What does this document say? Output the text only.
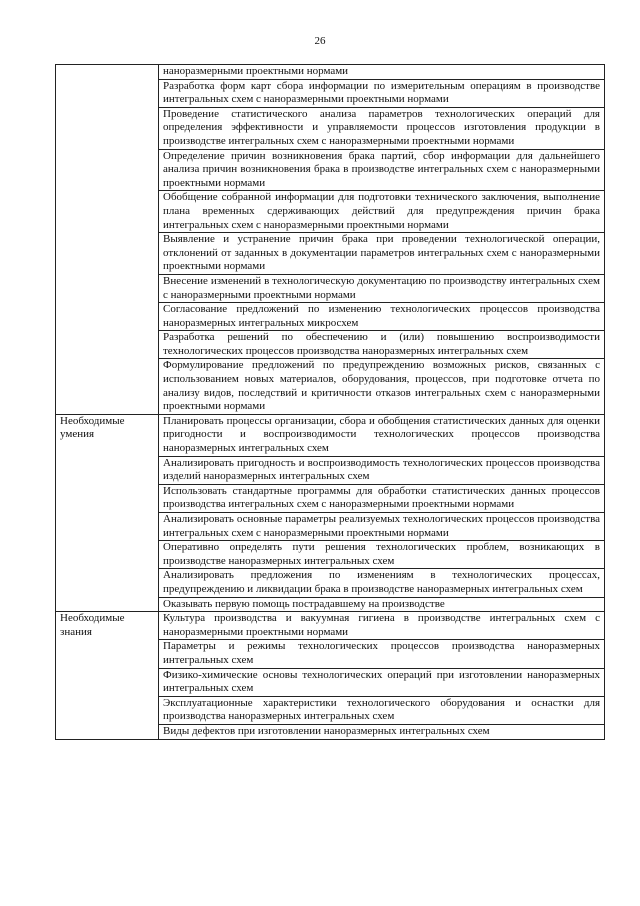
26

	наноразмерными проектными нормами

	Разработка форм карт сбора информации по измерительным операциям в производстве интегральных схем с наноразмерными проектными нормами

	Проведение статистического анализа параметров технологических операций для определения эффективности и управляемости процессов изготовления продукции в производстве интегральных схем с наноразмерными проектными нормами

	Определение причин возникновения брака партий, сбор информации для дальнейшего анализа причин возникновения брака в производстве интегральных схем с наноразмерными проектными нормами

	Обобщение собранной информации для подготовки технического заключения, выполнение плана временных сдерживающих действий для предупреждения причин брака интегральных схем с наноразмерными проектными нормами

	Выявление и устранение причин брака при проведении технологической операции, отклонений от заданных в документации параметров интегральных схем с наноразмерными проектными нормами

	Внесение изменений в технологическую документацию по производству интегральных схем с наноразмерными проектными нормами

	Согласование предложений по изменению технологических процессов производства наноразмерных интегральных микросхем

	Разработка решений по обеспечению и (или) повышению воспроизводимости технологических процессов производства наноразмерных интегральных схем

	Формулирование предложений по предупреждению возможных рисков, связанных с использованием новых материалов, оборудования, процессов, при подготовке отчета по анализу видов, последствий и критичности отказов интегральных схем с наноразмерными проектными нормами

Необходимые умения	Планировать процессы организации, сбора и обобщения статистических данных для оценки пригодности и воспроизводимости технологических процессов производства наноразмерных интегральных схем

	Анализировать пригодность и воспроизводимость технологических процессов производства изделий наноразмерных интегральных схем

	Использовать стандартные программы для обработки статистических данных процессов производства интегральных схем с наноразмерными проектными нормами

	Анализировать основные параметры реализуемых технологических процессов производства интегральных схем с наноразмерными проектными нормами

	Оперативно определять пути решения технологических проблем, возникающих в производстве наноразмерных интегральных схем

	Анализировать предложения по изменениям в технологических процессах, предупреждению и ликвидации брака в производстве наноразмерных интегральных схем

	Оказывать первую помощь пострадавшему на производстве

Необходимые знания	Культура производства и вакуумная гигиена в производстве интегральных схем с наноразмерными проектными нормами

	Параметры и режимы технологических процессов производства наноразмерных интегральных схем

	Физико-химические основы технологических операций при изготовлении наноразмерных интегральных схем

	Эксплуатационные характеристики технологического оборудования и оснастки для производства наноразмерных интегральных схем

	Виды дефектов при изготовлении наноразмерных интегральных схем
